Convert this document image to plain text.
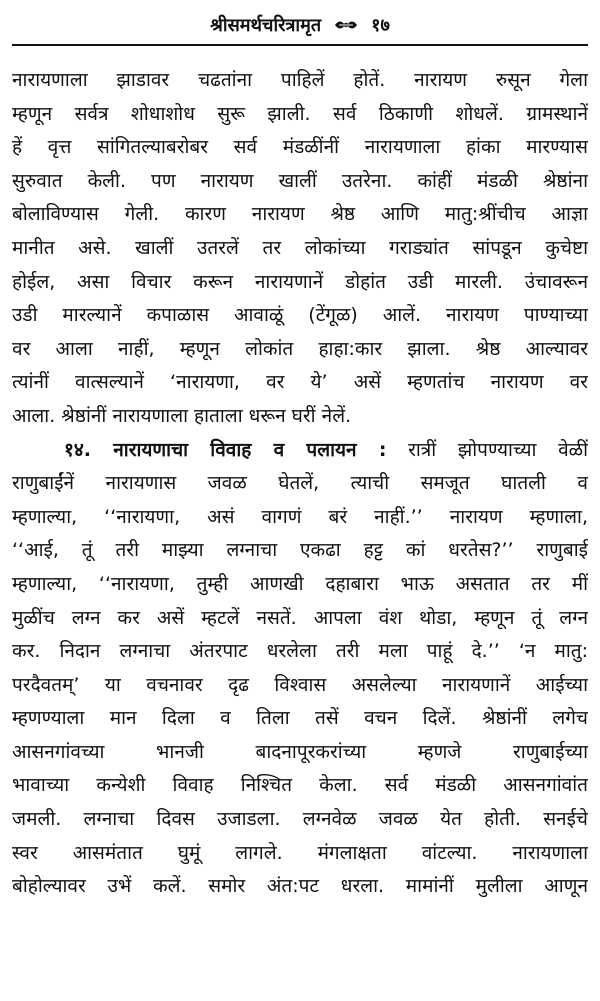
श्रीसमर्थचरित्रामृत	१७
नारायणाला झाडावर चढतांना पाहिलें होतें. नारायण रुसून गेला
म्हणून सर्वत्र शोधाशोध सुरू झाली. सर्व ठिकाणी शोधलें. ग्रामस्थानें
हें वृत्त सांगितल्याबरोबर सर्व मंडळींनीं नारायणाला हांका मारण्यास
सुरुवात केली. पण नारायण खालीं उतरेना. कांहीं मंडळी श्रेष्ठांना
बोलाविण्यास गेली. कारण नारायण श्रेष्ठ आणि मातु:श्रींचीच आज्ञा
मानीत असे. खालीं उतरलें तर लोकांच्या गराड्यांत सांपडून कुचेष्टा
होईल, असा विचार करून नारायणानें डोहांत उडी मारली. उंचावरून
उडी मारल्यानें कपाळास आवाळूं (टेंगूळ) आलें. नारायण पाण्याच्या
वर आला नाहीं, म्हणून लोकांत हाहा:कार झाला. श्रेष्ठ आल्यावर
त्यांनीं वात्सल्यानें ‘नारायणा, वर ये’ असें म्हणतांच नारायण वर
आला. श्रेष्ठांनीं नारायणाला हाताला धरून घरीं नेलें.
१४. नारायणाचा विवाह व पलायन : रात्रीं झोपण्याच्या वेळीं
राणुबाईंनें नारायणास जवळ घेतलें, त्याची समजूत घातली व
म्हणाल्या, ‘‘नारायणा, असं वागणं बरं नाहीं.’’ नारायण म्हणाला,
‘‘आई, तूं तरी माझ्या लग्नाचा एकढा हट्ट कां धरतेस?’’ राणुबाई
म्हणाल्या, ‘‘नारायणा, तुम्ही आणखी दहाबारा भाऊ असतात तर मीं
मुळींच लग्न कर असें म्हटलें नसतें. आपला वंश थोडा, म्हणून तूं लग्न
कर. निदान लग्नाचा अंतरपाट धरलेला तरी मला पाहूं दे.’’ ‘न मातु:
परदैवतम्’ या वचनावर दृढ विश्वास असलेल्या नारायणानें आईच्या
म्हणण्याला मान दिला व तिला तसें वचन दिलें. श्रेष्ठांनीं लगेच
आसनगांवच्या भानजी बादनापूरकरांच्या म्हणजे राणुबाईच्या
भावाच्या कन्येशी विवाह निश्चित केला. सर्व मंडळी आसनगांवांत
जमली. लग्नाचा दिवस उजाडला. लग्नवेळ जवळ येत होती. सनईचे
स्वर आसमंतात घुमूं लागले. मंगलाक्षता वांटल्या. नारायणाला
बोहोल्यावर उभें कलें. समोर अंत:पट धरला. मामांनीं मुलीला आणून
